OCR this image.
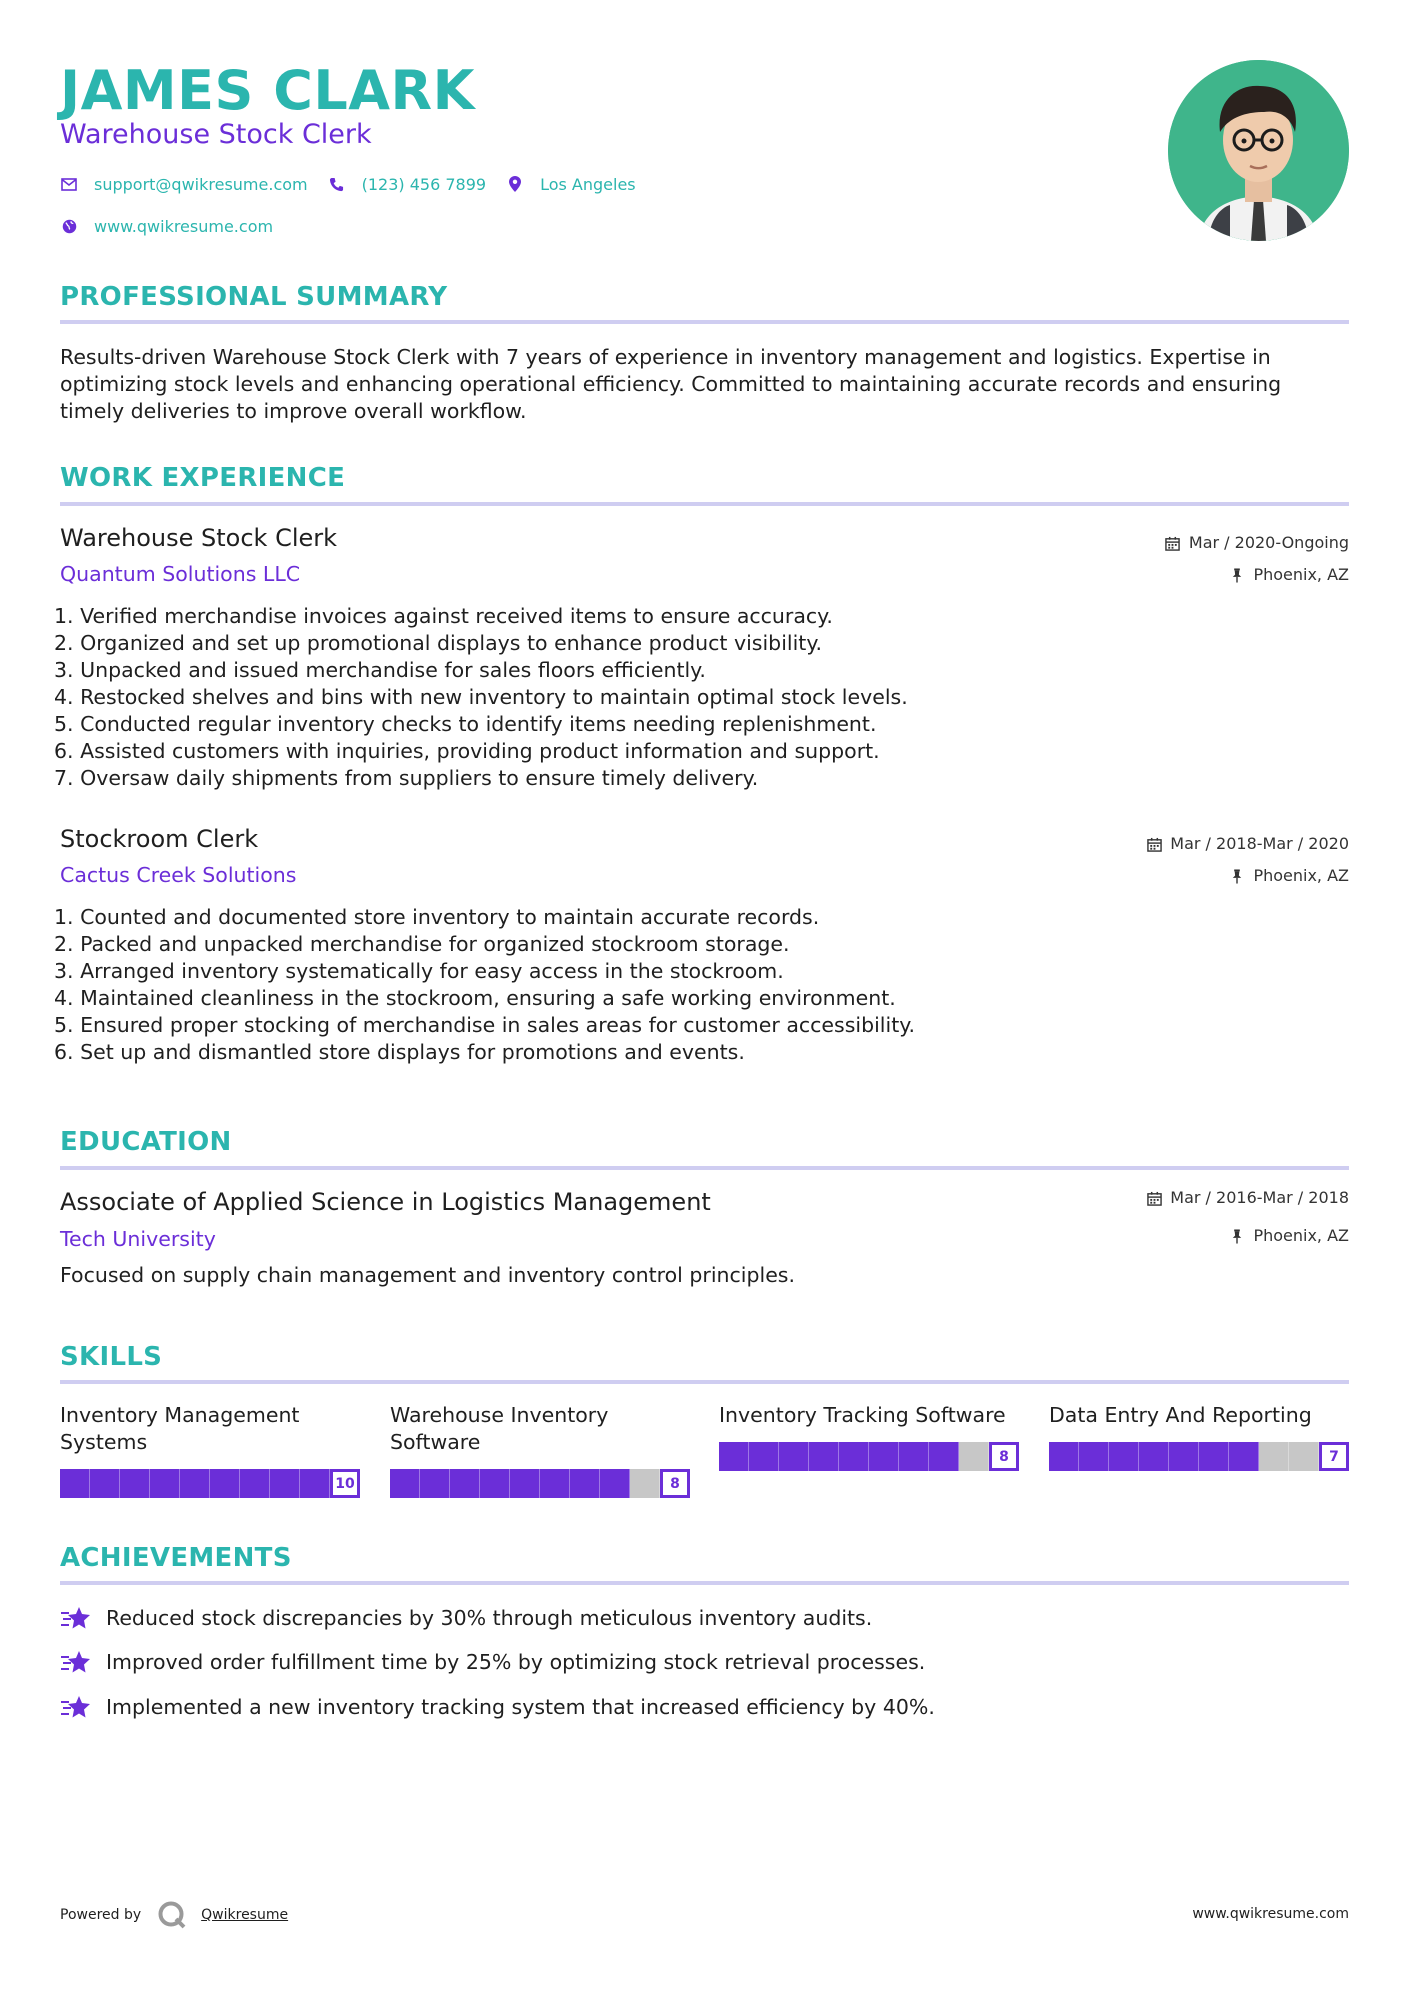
JAMES CLARK
Warehouse Stock Clerk
support@qwikresume.com	(123) 456 7899	Los Angeles
www.qwikresume.com
PROFESSIONAL SUMMARY
Results-driven Warehouse Stock Clerk with 7 years of experience in inventory management and logistics. Expertise in
optimizing stock levels and enhancing operational efficiency. Committed to maintaining accurate records and ensuring
timely deliveries to improve overall workflow.
WORK EXPERIENCE
Warehouse Stock Clerk
Quantum Solutions LLC
Mar / 2020-Ongoing
Phoenix, AZ
1. Verified merchandise invoices against received items to ensure accuracy.
2. Organized and set up promotional displays to enhance product visibility.
3. Unpacked and issued merchandise for sales floors efficiently.
4. Restocked shelves and bins with new inventory to maintain optimal stock levels.
5. Conducted regular inventory checks to identify items needing replenishment.
6. Assisted customers with inquiries, providing product information and support.
7. Oversaw daily shipments from suppliers to ensure timely delivery.
Stockroom Clerk
Cactus Creek Solutions
Mar / 2018-Mar / 2020
Phoenix, AZ
1. Counted and documented store inventory to maintain accurate records.
2. Packed and unpacked merchandise for organized stockroom storage.
3. Arranged inventory systematically for easy access in the stockroom.
4. Maintained cleanliness in the stockroom, ensuring a safe working environment.
5. Ensured proper stocking of merchandise in sales areas for customer accessibility.
6. Set up and dismantled store displays for promotions and events.
EDUCATION
Associate of Applied Science in Logistics Management
Tech University
Mar / 2016-Mar / 2018
Phoenix, AZ
Focused on supply chain management and inventory control principles.
SKILLS
Inventory Management
Systems
10
Warehouse Inventory
Software
8
Inventory Tracking Software
8
Data Entry And Reporting
7
ACHIEVEMENTS
Reduced stock discrepancies by 30% through meticulous inventory audits.
Improved order fulfillment time by 25% by optimizing stock retrieval processes.
Implemented a new inventory tracking system that increased efficiency by 40%.
Powered by	Qwikresume	www.qwikresume.com
